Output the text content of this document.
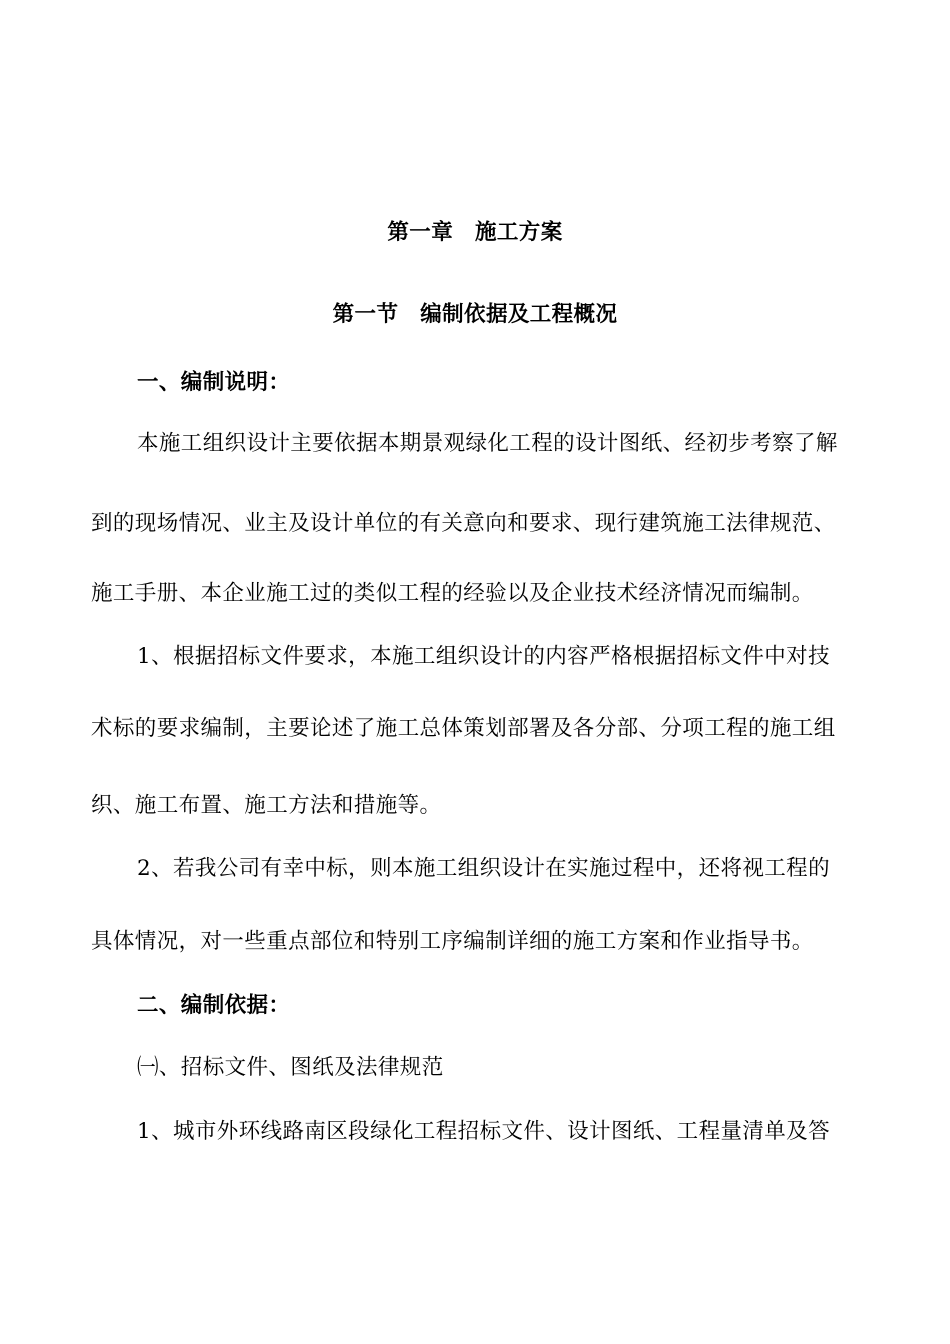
第一章　施工方案
第一节　编制依据及工程概况
一、编制说明：
本施工组织设计主要依据本期景观绿化工程的设计图纸、经初步考察了解
到的现场情况、业主及设计单位的有关意向和要求、现行建筑施工法律规范、
施工手册、本企业施工过的类似工程的经验以及企业技术经济情况而编制。
1、根据招标文件要求，本施工组织设计的内容严格根据招标文件中对技
术标的要求编制，主要论述了施工总体策划部署及各分部、分项工程的施工组
织、施工布置、施工方法和措施等。
2、若我公司有幸中标，则本施工组织设计在实施过程中，还将视工程的
具体情况，对一些重点部位和特别工序编制详细的施工方案和作业指导书。
二、编制依据：
㈠、招标文件、图纸及法律规范
1、城市外环线路南区段绿化工程招标文件、设计图纸、工程量清单及答
